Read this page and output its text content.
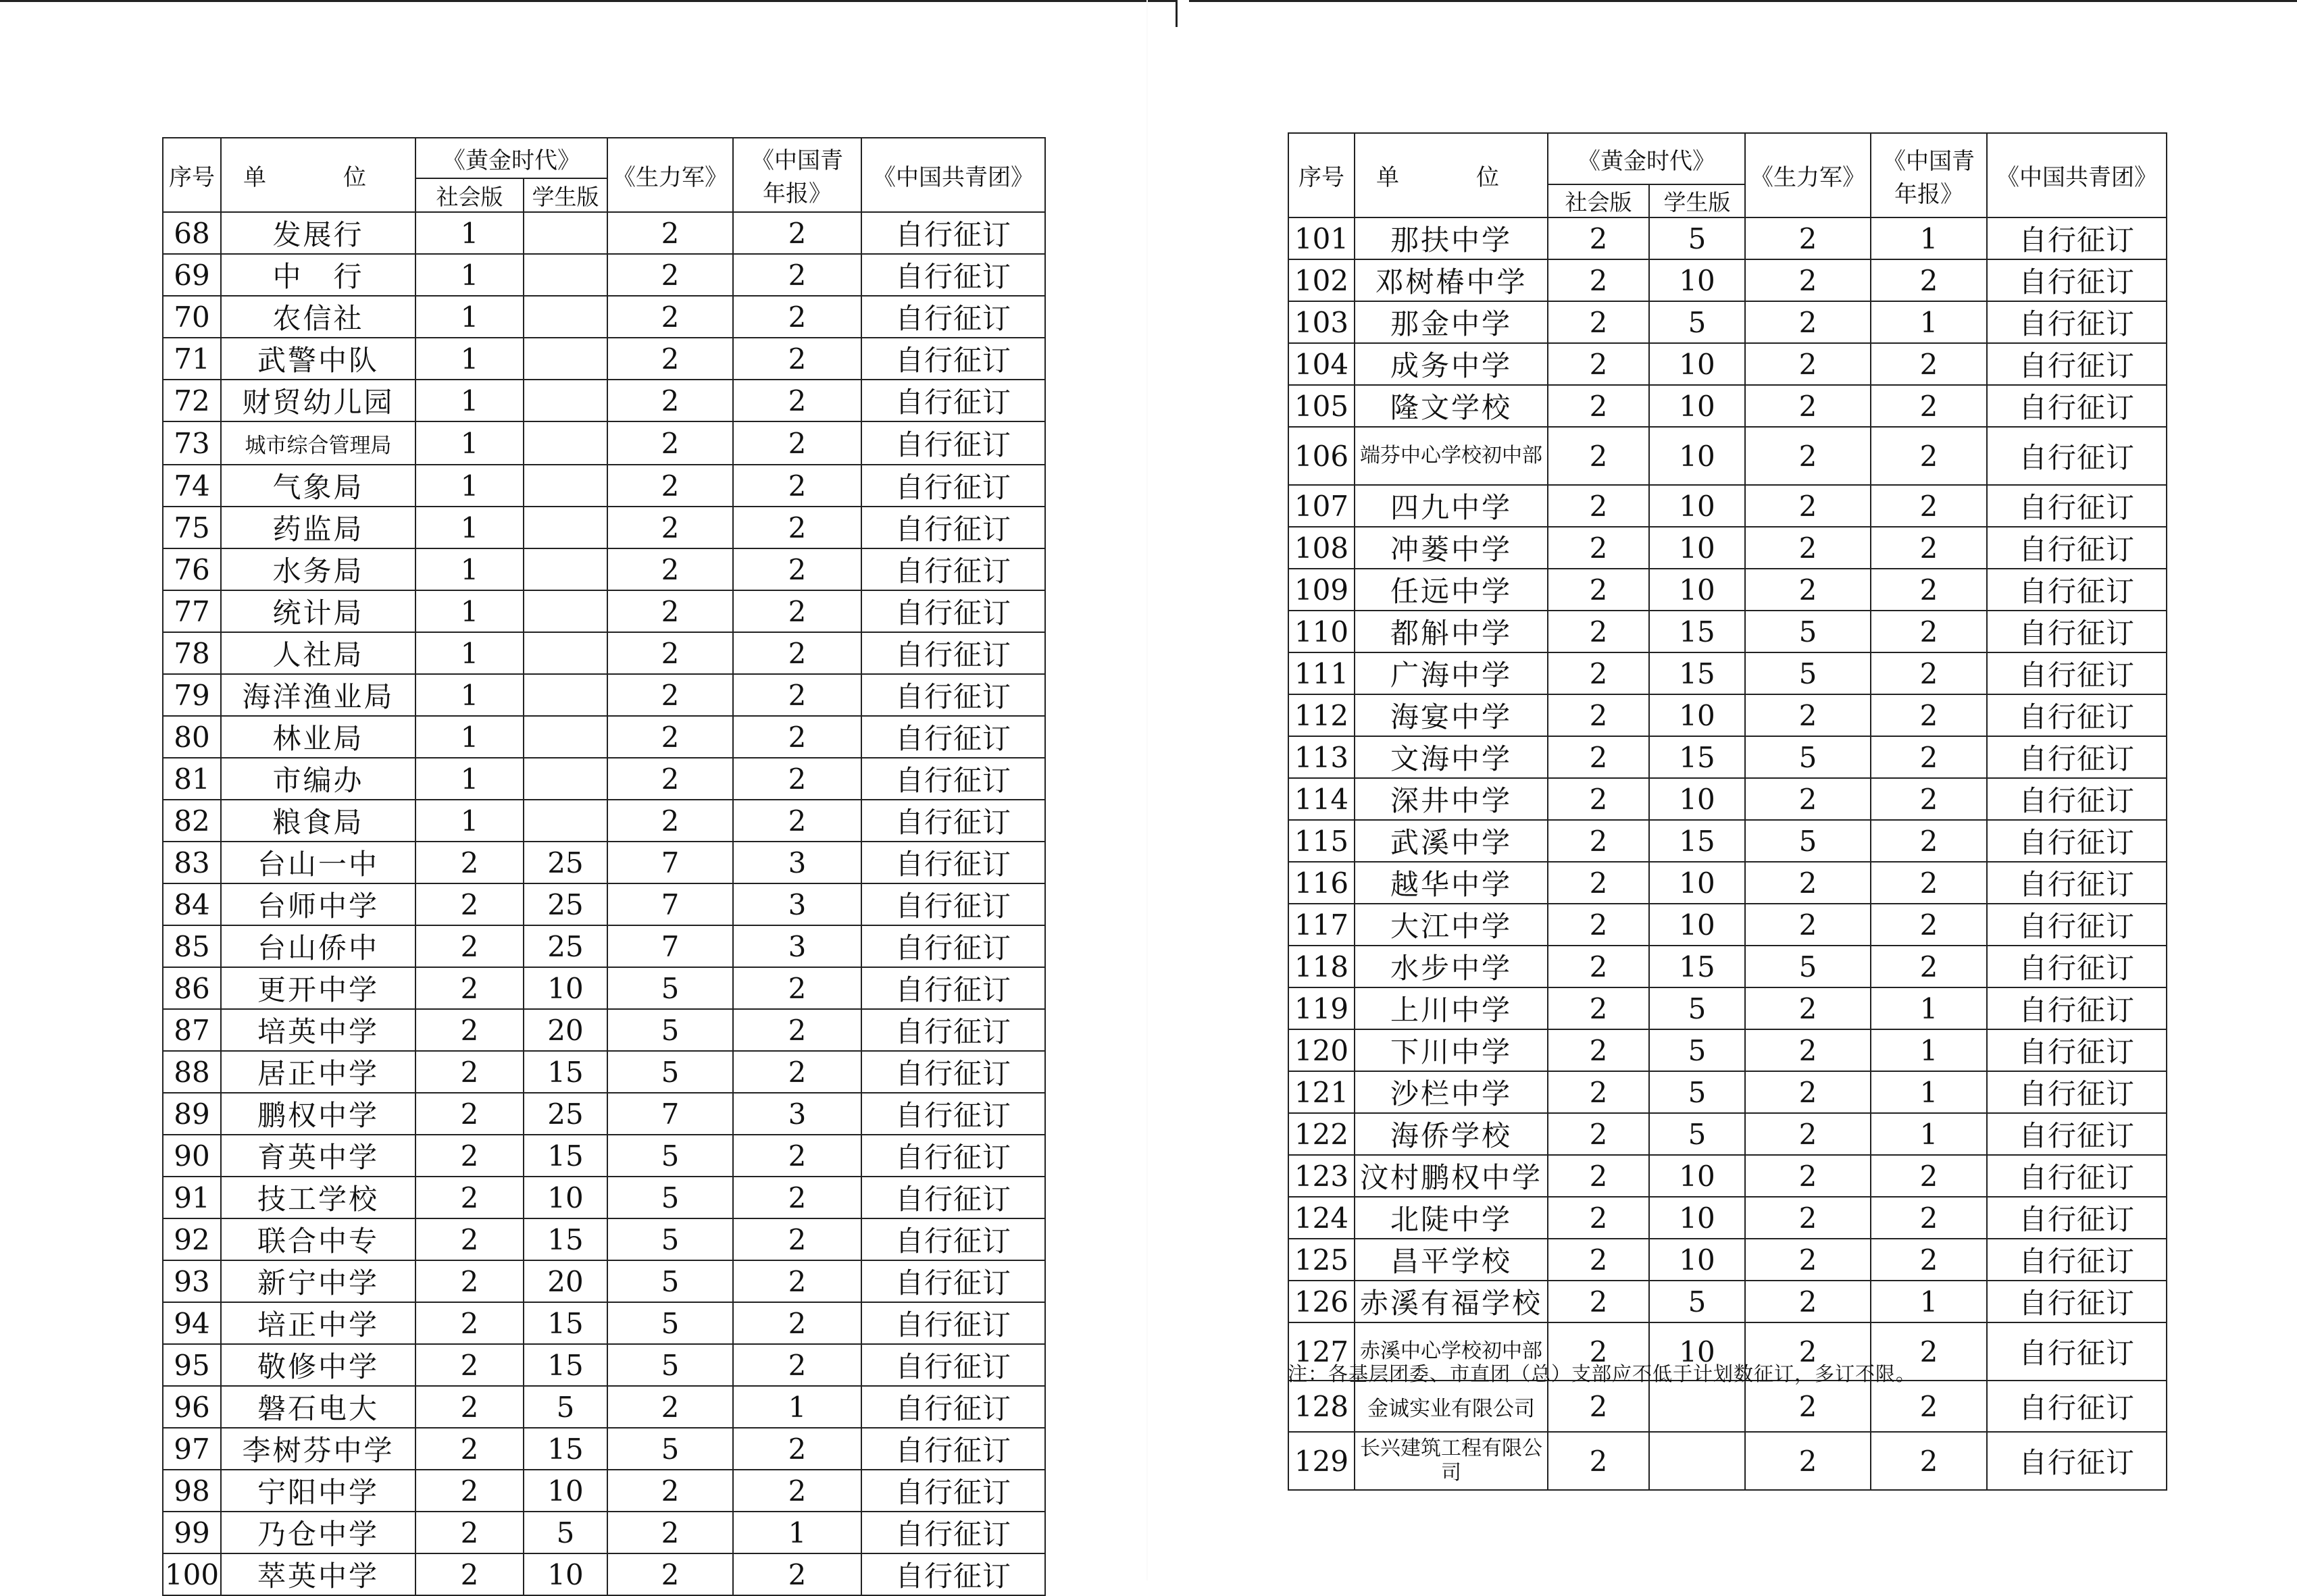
序号	单　位	《黄金时代》		《生力军》	《中国青
年报》	《中国共青团》
		社会版	学生版			
68	发展行	1		2	2	自行征订
69	中　行	1		2	2	自行征订
70	农信社	1		2	2	自行征订
71	武警中队	1		2	2	自行征订
72	财贸幼儿园	1		2	2	自行征订
73	城市综合管理局	1		2	2	自行征订
74	气象局	1		2	2	自行征订
75	药监局	1		2	2	自行征订
76	水务局	1		2	2	自行征订
77	统计局	1		2	2	自行征订
78	人社局	1		2	2	自行征订
79	海洋渔业局	1		2	2	自行征订
80	林业局	1		2	2	自行征订
81	市编办	1		2	2	自行征订
82	粮食局	1		2	2	自行征订
83	台山一中	2	25	7	3	自行征订
84	台师中学	2	25	7	3	自行征订
85	台山侨中	2	25	7	3	自行征订
86	更开中学	2	10	5	2	自行征订
87	培英中学	2	20	5	2	自行征订
88	居正中学	2	15	5	2	自行征订
89	鹏权中学	2	25	7	3	自行征订
90	育英中学	2	15	5	2	自行征订
91	技工学校	2	10	5	2	自行征订
92	联合中专	2	15	5	2	自行征订
93	新宁中学	2	20	5	2	自行征订
94	培正中学	2	15	5	2	自行征订
95	敬修中学	2	15	5	2	自行征订
96	磐石电大	2	5	2	1	自行征订
97	李树芬中学	2	15	5	2	自行征订
98	宁阳中学	2	10	2	2	自行征订
99	乃仓中学	2	5	2	1	自行征订
100	萃英中学	2	10	2	2	自行征订
序号	单　位	《黄金时代》		《生力军》	《中国青
年报》	《中国共青团》
		社会版	学生版			
101	那扶中学	2	5	2	1	自行征订
102	邓树椿中学	2	10	2	2	自行征订
103	那金中学	2	5	2	1	自行征订
104	成务中学	2	10	2	2	自行征订
105	隆文学校	2	10	2	2	自行征订
106	端芬中心学校初中部	2	10	2	2	自行征订
107	四九中学	2	10	2	2	自行征订
108	冲蒌中学	2	10	2	2	自行征订
109	任远中学	2	10	2	2	自行征订
110	都斛中学	2	15	5	2	自行征订
111	广海中学	2	15	5	2	自行征订
112	海宴中学	2	10	2	2	自行征订
113	文海中学	2	15	5	2	自行征订
114	深井中学	2	10	2	2	自行征订
115	武溪中学	2	15	5	2	自行征订
116	越华中学	2	10	2	2	自行征订
117	大江中学	2	10	2	2	自行征订
118	水步中学	2	15	5	2	自行征订
119	上川中学	2	5	2	1	自行征订
120	下川中学	2	5	2	1	自行征订
121	沙栏中学	2	5	2	1	自行征订
122	海侨学校	2	5	2	1	自行征订
123	汶村鹏权中学	2	10	2	2	自行征订
124	北陡中学	2	10	2	2	自行征订
125	昌平学校	2	10	2	2	自行征订
126	赤溪有福学校	2	5	2	1	自行征订
127	赤溪中心学校初中部	2	10	2	2	自行征订
128	金诚实业有限公司	2		2	2	自行征订
129	长兴建筑工程有限公司	2		2	2	自行征订
注：各基层团委、市直团（总）支部应不低于计划数征订，多订不限。
